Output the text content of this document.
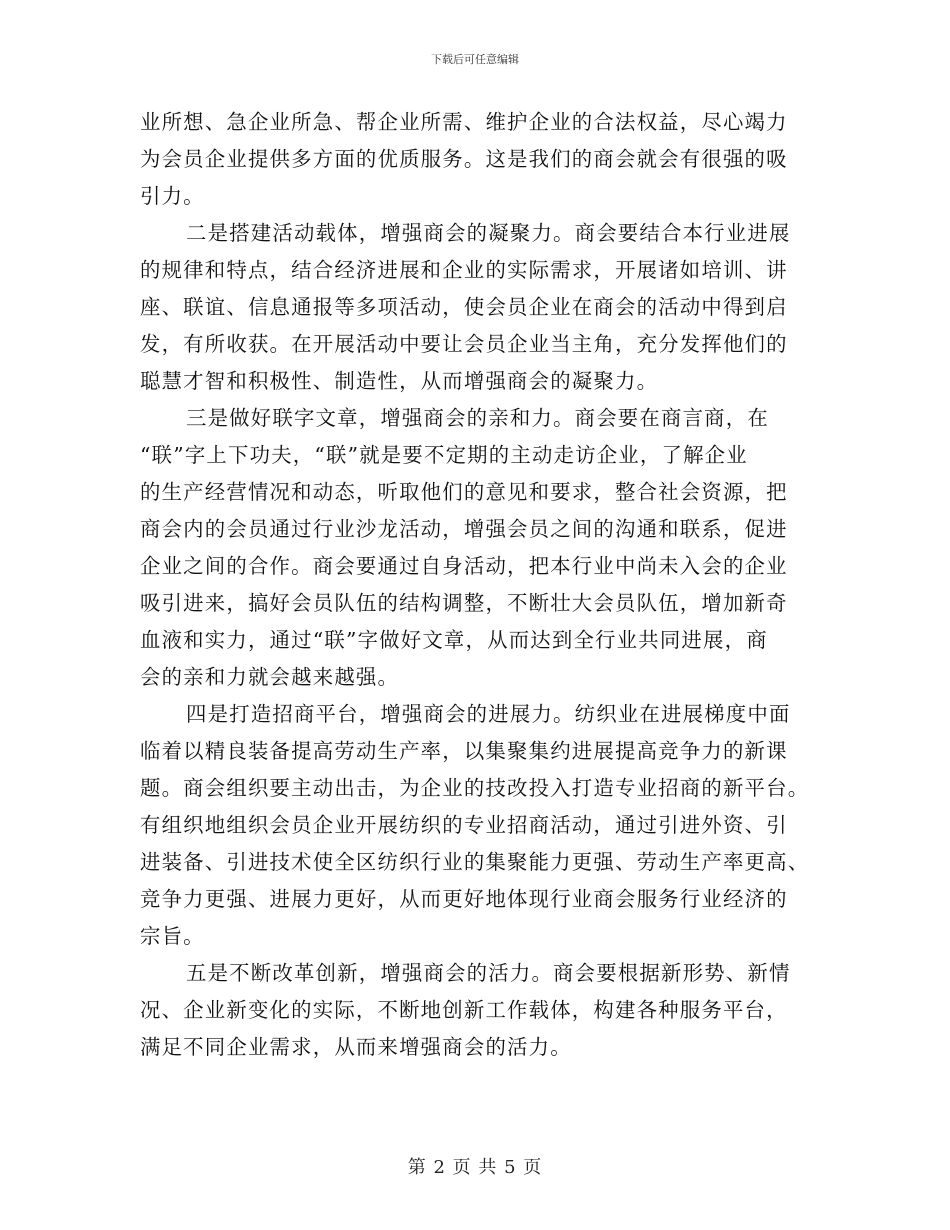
下载后可任意编辑
业所想、急企业所急、帮企业所需、维护企业的合法权益，尽心竭力
为会员企业提供多方面的优质服务。这是我们的商会就会有很强的吸
引力。
二是搭建活动载体，增强商会的凝聚力。商会要结合本行业进展
的规律和特点，结合经济进展和企业的实际需求，开展诸如培训、讲
座、联谊、信息通报等多项活动，使会员企业在商会的活动中得到启
发，有所收获。在开展活动中要让会员企业当主角，充分发挥他们的
聪慧才智和积极性、制造性，从而增强商会的凝聚力。
三是做好联字文章，增强商会的亲和力。商会要在商言商，在
“联”字上下功夫，“联”就是要不定期的主动走访企业，了解企业
的生产经营情况和动态，听取他们的意见和要求，整合社会资源，把
商会内的会员通过行业沙龙活动，增强会员之间的沟通和联系，促进
企业之间的合作。商会要通过自身活动，把本行业中尚未入会的企业
吸引进来，搞好会员队伍的结构调整，不断壮大会员队伍，增加新奇
血液和实力，通过“联”字做好文章，从而达到全行业共同进展，商
会的亲和力就会越来越强。
四是打造招商平台，增强商会的进展力。纺织业在进展梯度中面
临着以精良装备提高劳动生产率，以集聚集约进展提高竞争力的新课
题。商会组织要主动出击，为企业的技改投入打造专业招商的新平台。
有组织地组织会员企业开展纺织的专业招商活动，通过引进外资、引
进装备、引进技术使全区纺织行业的集聚能力更强、劳动生产率更高、
竞争力更强、进展力更好，从而更好地体现行业商会服务行业经济的
宗旨。
五是不断改革创新，增强商会的活力。商会要根据新形势、新情
况、企业新变化的实际，不断地创新工作载体，构建各种服务平台，
满足不同企业需求，从而来增强商会的活力。
第 2 页 共 5 页
